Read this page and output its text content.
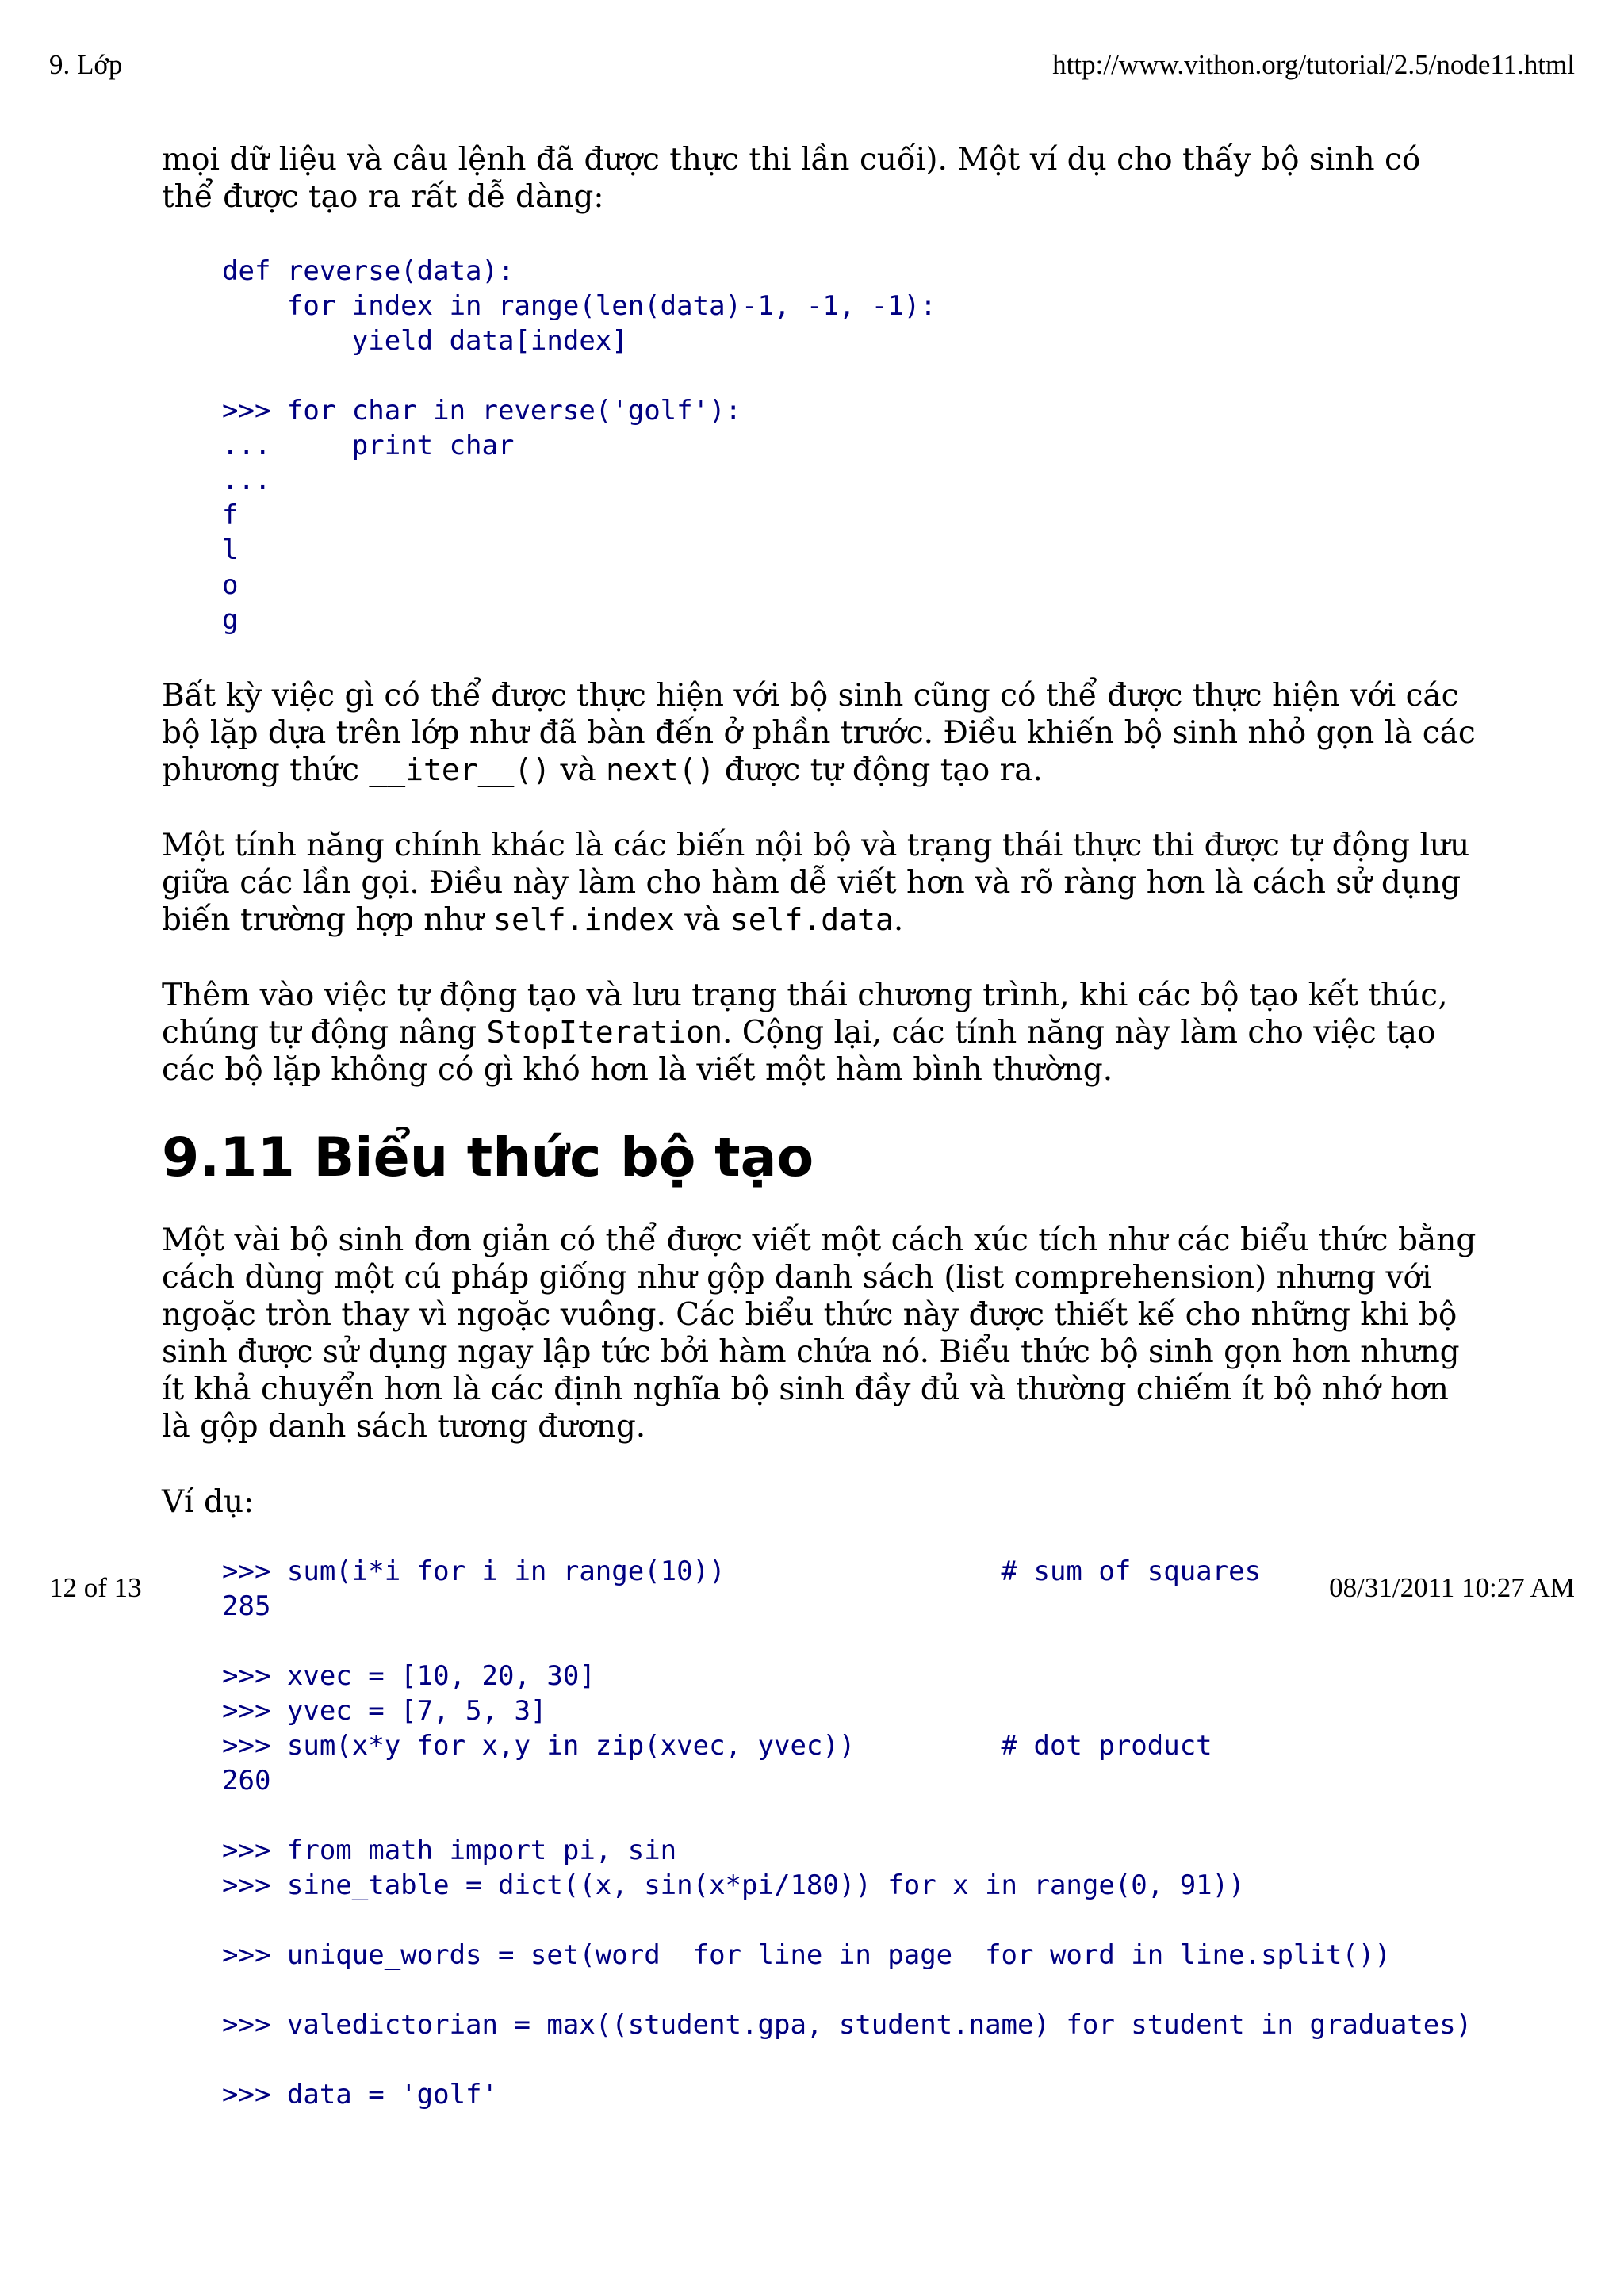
9. Lớp	http://www.vithon.org/tutorial/2.5/node11.html

mọi dữ liệu và câu lệnh đã được thực thi lần cuối). Một ví dụ cho thấy bộ sinh có thể được tạo ra rất dễ dàng:

def reverse(data):
for index in range(len(data)-1, -1, -1):
yield data[index]

>>> for char in reverse('golf'):
...     print char
...
f
l
o
g

Bất kỳ việc gì có thể được thực hiện với bộ sinh cũng có thể được thực hiện với các bộ lặp dựa trên lớp như đã bàn đến ở phần trước. Điều khiến bộ sinh nhỏ gọn là các phương thức __iter__() và next() được tự động tạo ra.

Một tính năng chính khác là các biến nội bộ và trạng thái thực thi được tự động lưu giữa các lần gọi. Điều này làm cho hàm dễ viết hơn và rõ ràng hơn là cách sử dụng biến trường hợp như self.index và self.data.

Thêm vào việc tự động tạo và lưu trạng thái chương trình, khi các bộ tạo kết thúc, chúng tự động nâng StopIteration. Cộng lại, các tính năng này làm cho việc tạo các bộ lặp không có gì khó hơn là viết một hàm bình thường.

9.11 Biểu thức bộ tạo

Một vài bộ sinh đơn giản có thể được viết một cách xúc tích như các biểu thức bằng cách dùng một cú pháp giống như gộp danh sách (list comprehension) nhưng với ngoặc tròn thay vì ngoặc vuông. Các biểu thức này được thiết kế cho những khi bộ sinh được sử dụng ngay lập tức bởi hàm chứa nó. Biểu thức bộ sinh gọn hơn nhưng ít khả chuyển hơn là các định nghĩa bộ sinh đầy đủ và thường chiếm ít bộ nhớ hơn là gộp danh sách tương đương.

Ví dụ:

>>> sum(i*i for i in range(10))                 # sum of squares
285

>>> xvec = [10, 20, 30]
>>> yvec = [7, 5, 3]
>>> sum(x*y for x,y in zip(xvec, yvec))         # dot product
260

>>> from math import pi, sin
>>> sine_table = dict((x, sin(x*pi/180)) for x in range(0, 91))

>>> unique_words = set(word  for line in page  for word in line.split())

>>> valedictorian = max((student.gpa, student.name) for student in graduates)

>>> data = 'golf'
12 of 13	08/31/2011 10:27 AM
